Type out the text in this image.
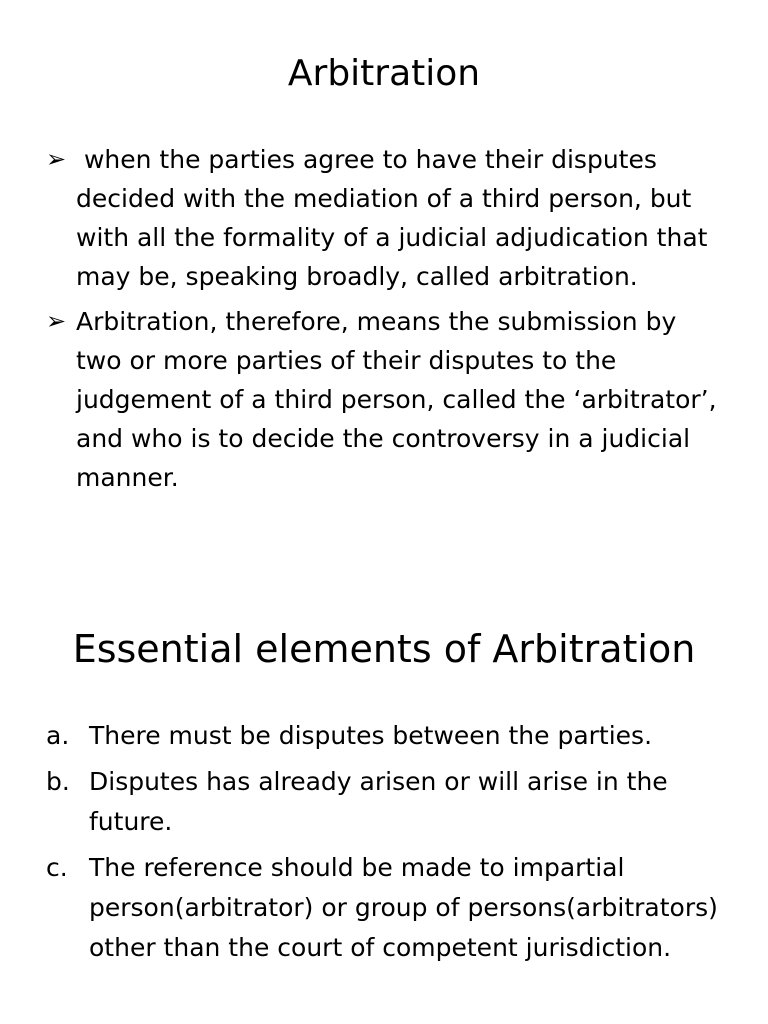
Arbitration
➢ when the parties agree to have their disputes decided with the mediation of a third person, but with all the formality of a judicial adjudication that may be, speaking broadly, called arbitration.
➢ Arbitration, therefore, means the submission by two or more parties of their disputes to the judgement of a third person, called the ‘arbitrator’, and who is to decide the controversy in a judicial manner.
Essential elements of Arbitration
a. There must be disputes between the parties.
b. Disputes has already arisen or will arise in the future.
c. The reference should be made to impartial person(arbitrator) or group of persons(arbitrators) other than the court of competent jurisdiction.
